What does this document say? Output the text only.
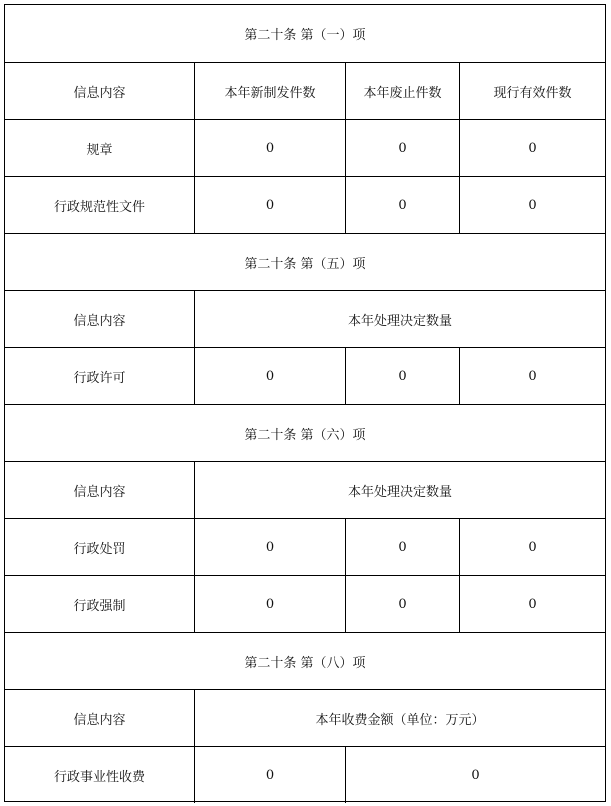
第二十条 第（一）项
信息内容	本年新制发件数	本年废止件数	现行有效件数
规章	0	0	0
行政规范性文件	0	0	0
第二十条 第（五）项
信息内容	本年处理决定数量
行政许可	0	0	0
第二十条 第（六）项
信息内容	本年处理决定数量
行政处罚	0	0	0
行政强制	0	0	0
第二十条 第（八）项
信息内容	本年收费金额（单位：万元）
行政事业性收费	0	0
